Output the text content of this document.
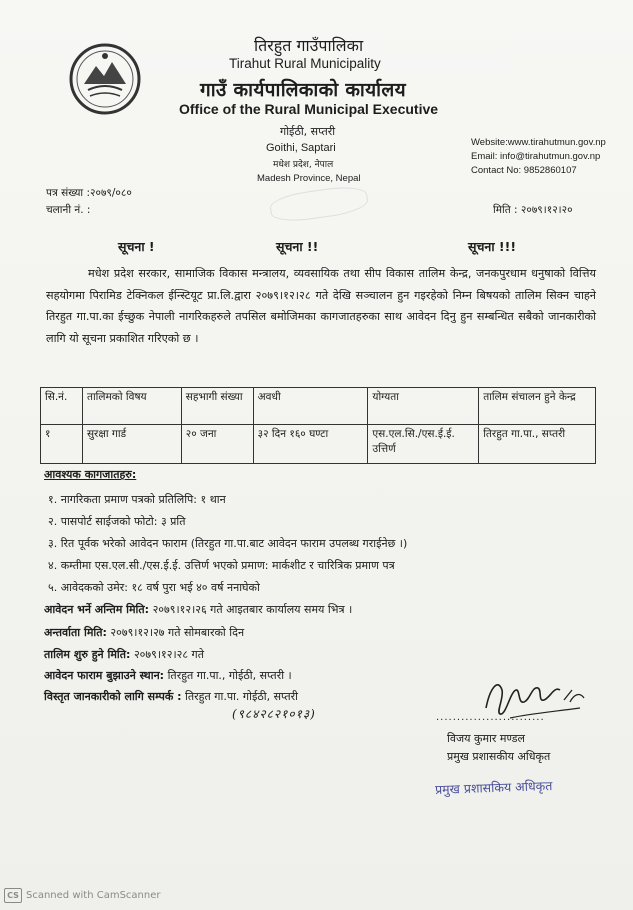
तिरहुत गाउँपालिका
Tirahut Rural Municipality
गाउँ कार्यपालिकाको कार्यालय
Office of the Rural Municipal Executive
गोईठी, सप्तरी
Goithi, Saptari
मधेश प्रदेश, नेपाल
Madesh Province, Nepal
Website:www.tirahutmun.gov.np
Email: info@tirahutmun.gov.np
Contact No: 9852860107
पत्र संख्या :२०७९/०८०
चलानी नं. :	मिति : २०७९।१२।२०
सूचना !	सूचना !!	सूचना !!!
मधेश प्रदेश सरकार, सामाजिक विकास मन्त्रालय, व्यवसायिक तथा सीप विकास तालिम केन्द्र, जनकपुरधाम धनुषाको वित्तिय सहयोगमा पिरामिड टेक्निकल ईन्स्टियूट प्रा.लि.द्वारा २०७९।१२।२८ गते देखि सञ्चालन हुन गइरहेको निम्न बिषयको तालिम सिक्न चाहने तिरहुत गा.पा.का ईच्छुक नेपाली नागरिकहरुले तपसिल बमोजिमका कागजातहरुका साथ आवेदन दिनु हुन सम्बन्धित सबैको जानकारीको लागि यो सूचना प्रकाशित गरिएको छ ।
सि.नं.	तालिमको विषय	सहभागी संख्या	अवधी	योग्यता	तालिम संचालन हुने केन्द्र
१	सुरक्षा गार्ड	२० जना	३२ दिन १६० घण्टा	एस.एल.सि./एस.ई.ई. उत्तिर्ण	तिरहुत गा.पा., सप्तरी
आवश्यक कागजातहरु:
१. नागरिकता प्रमाण पत्रको प्रतिलिपि: १ थान
२. पासपोर्ट साईजको फोटो: ३ प्रति
३. रित पूर्वक भरेको आवेदन फाराम (तिरहुत गा.पा.बाट आवेदन फाराम उपलब्ध गराईनेछ ।)
४. कम्तीमा एस.एल.सी./एस.ई.ई. उत्तिर्ण भएको प्रमाण: मार्कशीट र चारित्रिक प्रमाण पत्र
५. आवेदकको उमेर: १८ वर्ष पुरा भई ४० वर्ष ननाघेको
आवेदन भर्ने अन्तिम मिति: २०७९।१२।२६ गते आइतबार कार्यालय समय भित्र ।
अन्तर्वाता मिति: २०७९।१२।२७ गते सोमबारको दिन
तालिम शुरु हुने मिति: २०७९।१२।२८ गते
आवेदन फाराम बुझाउने स्थान: तिरहुत गा.पा., गोईठी, सप्तरी ।
विस्तृत जानकारीको लागि सम्पर्क : तिरहुत गा.पा. गोईठी, सप्तरी
(९८४२८२१०१३)	..........................
विजय कुमार मण्डल
प्रमुख प्रशासकीय अधिकृत
प्रमुख प्रशासकिय अधिकृत
CS Scanned with CamScanner
